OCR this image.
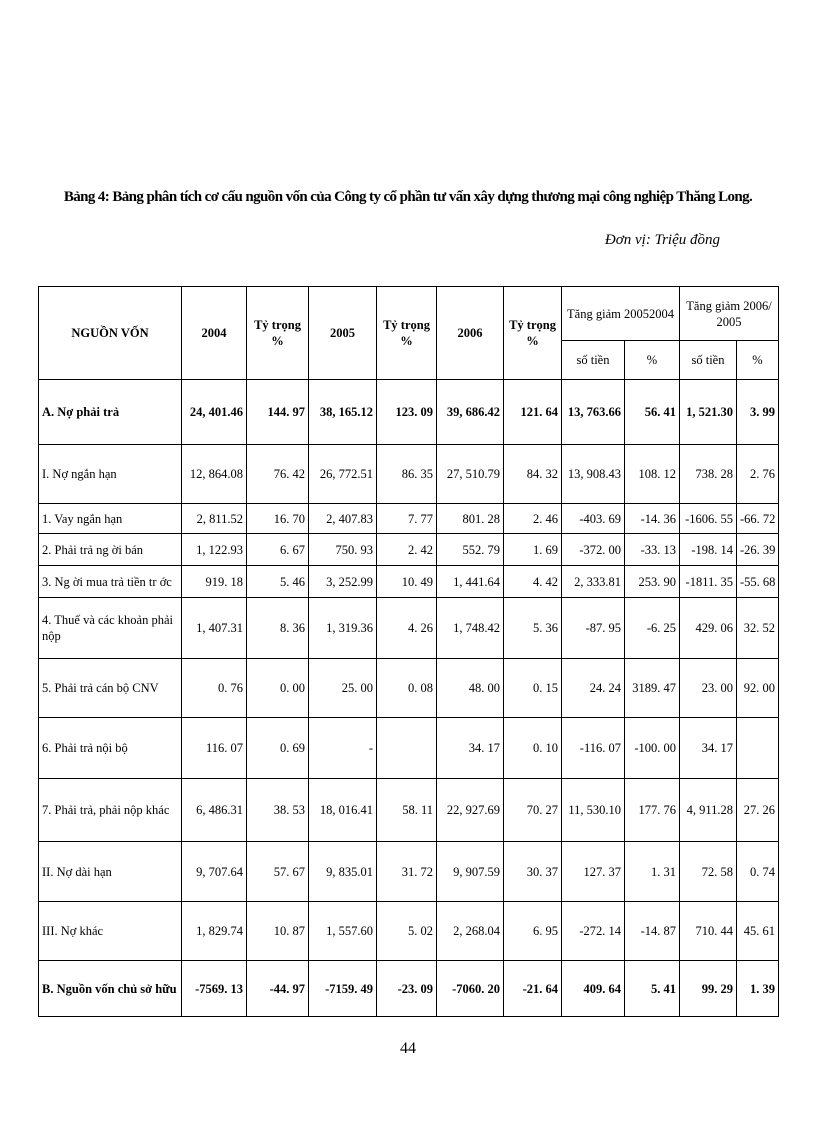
Bảng 4: Bảng phân tích cơ cấu nguồn vốn của Công ty cổ phần tư vấn xây dựng thương mại công nghiệp Thăng Long.
Đơn vị: Triệu đồng
NGUỒN VỐN	2004	Tỷ trọng %	2005	Tỷ trọng %	2006	Tỷ trọng %	Tăng giảm 20052004		Tăng giảm 2006/ 2005	
							số tiền	%	số tiền	%
A. Nợ phải trả	24, 401.46	144. 97	38, 165.12	123. 09	39, 686.42	121. 64	13, 763.66	56. 41	1, 521.30	3. 99
I. Nợ ngắn hạn	12, 864.08	76. 42	26, 772.51	86. 35	27, 510.79	84. 32	13, 908.43	108. 12	738. 28	2. 76
1. Vay ngắn hạn	2, 811.52	16. 70	2, 407.83	7. 77	801. 28	2. 46	-403. 69	-14. 36	-1606. 55	-66. 72
2. Phải trả ng ời bán	1, 122.93	6. 67	750. 93	2. 42	552. 79	1. 69	-372. 00	-33. 13	-198. 14	-26. 39
3. Ng ời mua trả tiền tr ớc	919. 18	5. 46	3, 252.99	10. 49	1, 441.64	4. 42	2, 333.81	253. 90	-1811. 35	-55. 68
4. Thuế và các khoản phải nộp	1, 407.31	8. 36	1, 319.36	4. 26	1, 748.42	5. 36	-87. 95	-6. 25	429. 06	32. 52
5. Phải trả cán bộ CNV	0. 76	0. 00	25. 00	0. 08	48. 00	0. 15	24. 24	3189. 47	23. 00	92. 00
6. Phải trả nội bộ	116. 07	0. 69	-		34. 17	0. 10	-116. 07	-100. 00	34. 17	
7. Phải trả, phải nộp khác	6, 486.31	38. 53	18, 016.41	58. 11	22, 927.69	70. 27	11, 530.10	177. 76	4, 911.28	27. 26
II. Nợ dài hạn	9, 707.64	57. 67	9, 835.01	31. 72	9, 907.59	30. 37	127. 37	1. 31	72. 58	0. 74
III. Nợ khác	1, 829.74	10. 87	1, 557.60	5. 02	2, 268.04	6. 95	-272. 14	-14. 87	710. 44	45. 61
B. Nguồn vốn chủ sở hữu	-7569. 13	-44. 97	-7159. 49	-23. 09	-7060. 20	-21. 64	409. 64	5. 41	99. 29	1. 39
44
